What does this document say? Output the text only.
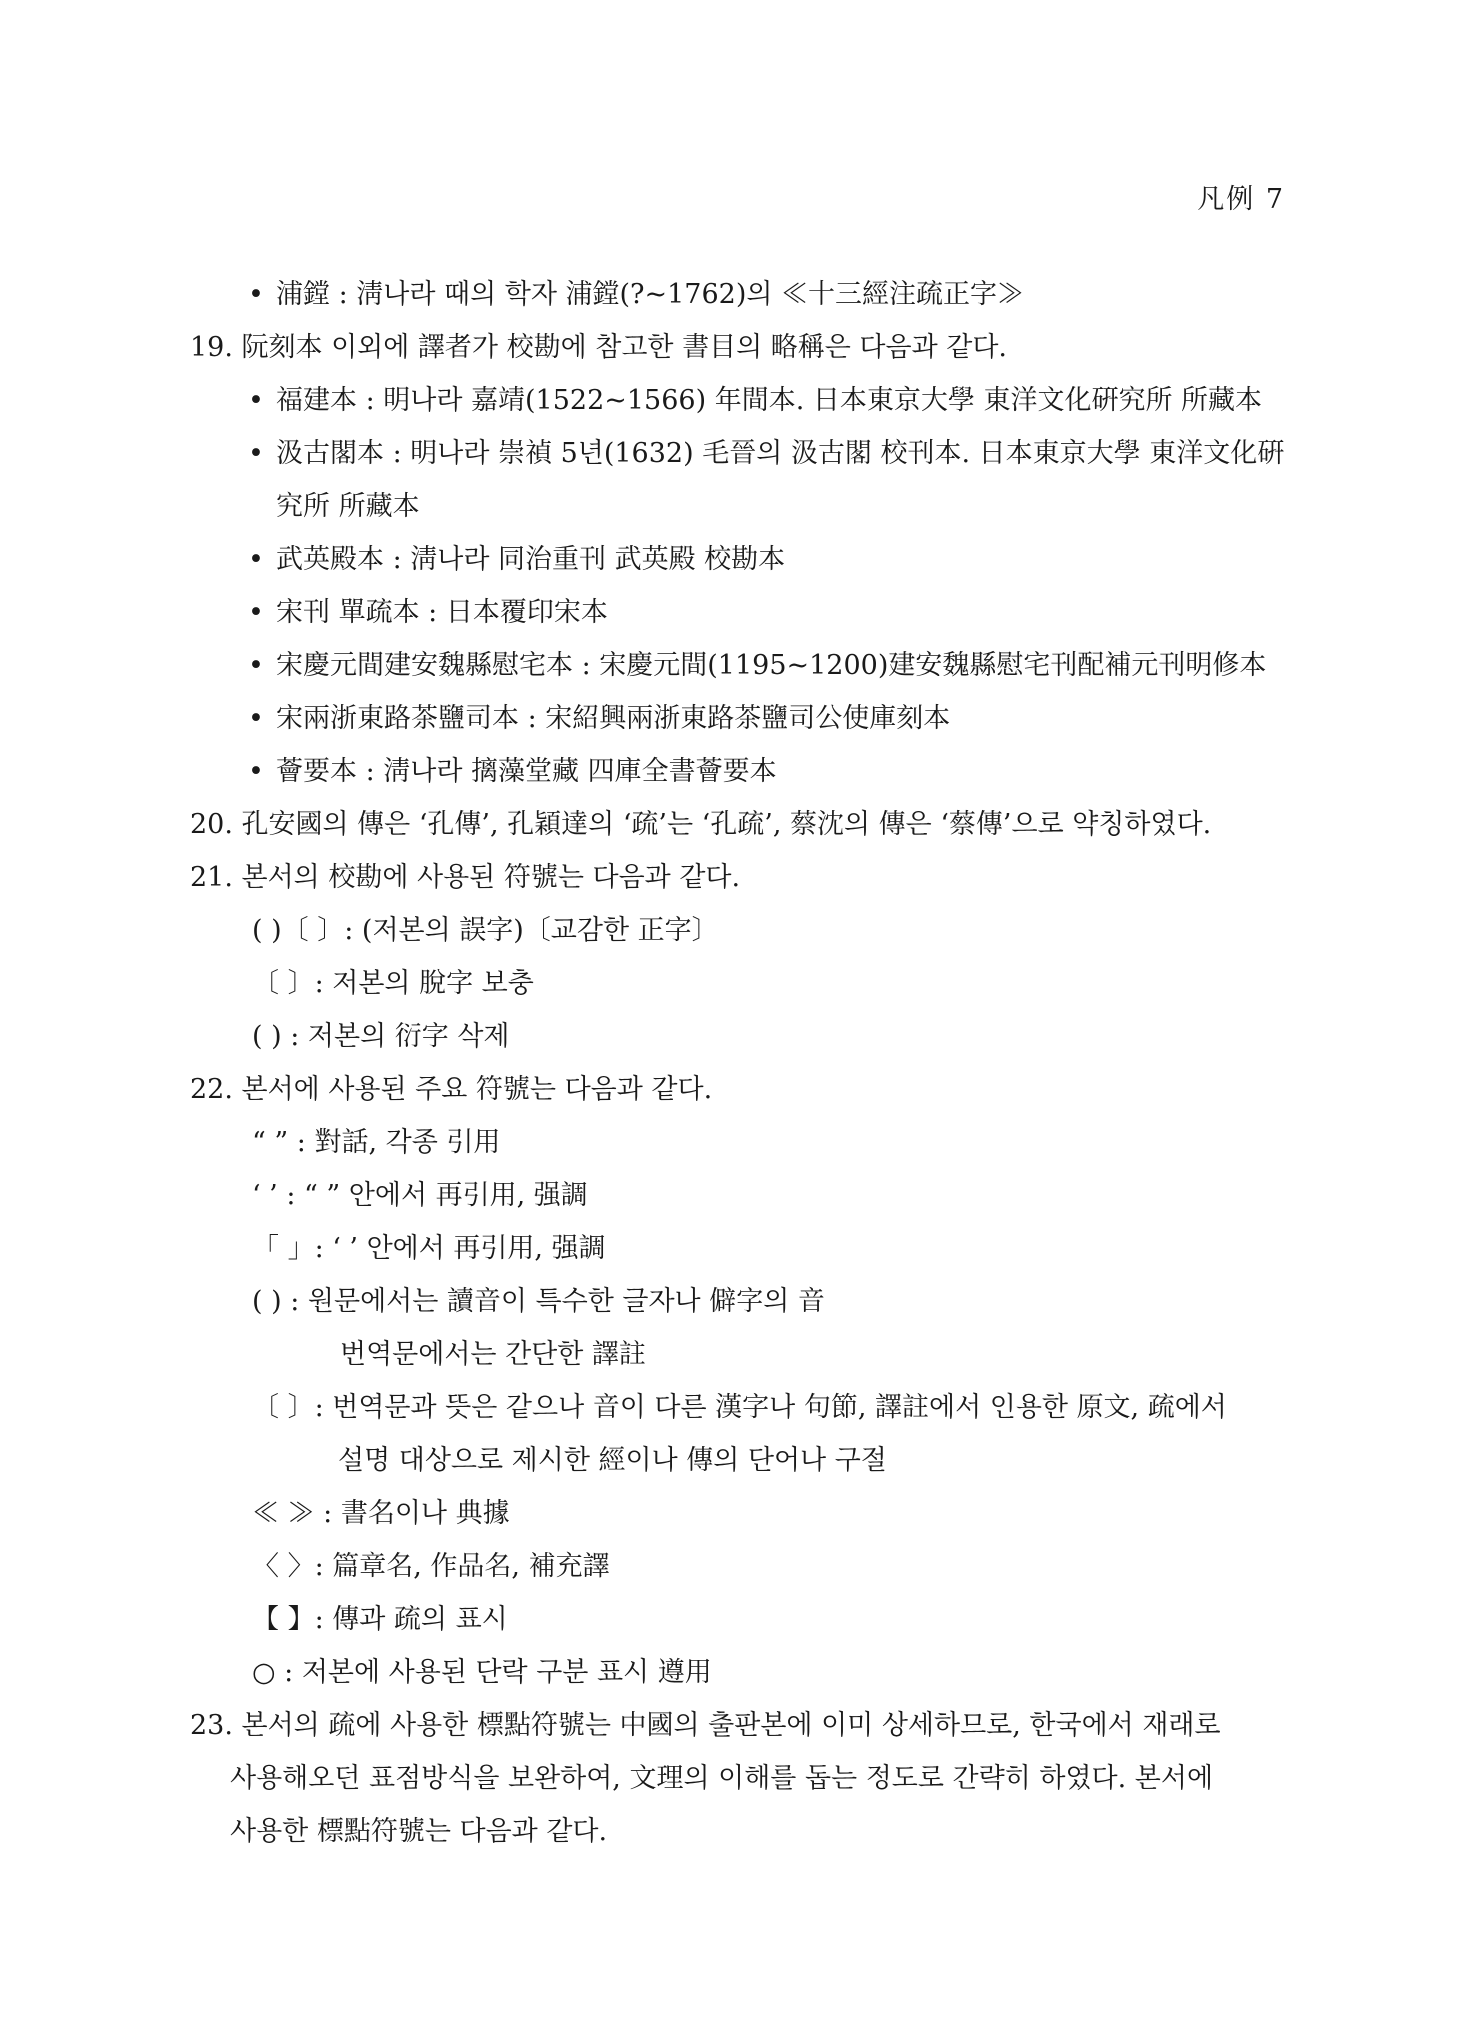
凡例 7
• 浦鏜 : 淸나라 때의 학자 浦鏜(?~1762)의 ≪十三經注疏正字≫
19. 阮刻本 이외에 譯者가 校勘에 참고한 書目의 略稱은 다음과 같다.
• 福建本 : 明나라 嘉靖(1522~1566) 年間本. 日本東京大學 東洋文化硏究所 所藏本
• 汲古閣本 : 明나라 崇禎 5년(1632) 毛晉의 汲古閣 校刊本. 日本東京大學 東洋文化硏
究所 所藏本
• 武英殿本 : 淸나라 同治重刊 武英殿 校勘本
• 宋刊 單疏本 : 日本覆印宋本
• 宋慶元間建安魏縣慰宅本 : 宋慶元間(1195~1200)建安魏縣慰宅刊配補元刊明修本
• 宋兩浙東路茶鹽司本 : 宋紹興兩浙東路茶鹽司公使庫刻本
• 薈要本 : 淸나라 摛藻堂藏 四庫全書薈要本
20. 孔安國의 傳은 ‘孔傳’, 孔穎達의 ‘疏’는 ‘孔疏’, 蔡沈의 傳은 ‘蔡傳’으로 약칭하였다.
21. 본서의 校勘에 사용된 符號는 다음과 같다.
( )〔 〕: (저본의 誤字)〔교감한 正字〕
〔 〕: 저본의 脫字 보충
( ) : 저본의 衍字 삭제
22. 본서에 사용된 주요 符號는 다음과 같다.
“ ” : 對話, 각종 引用
‘ ’ : “ ” 안에서 再引用, 强調
「 」: ‘ ’ 안에서 再引用, 强調
( ) : 원문에서는 讀音이 특수한 글자나 僻字의 音
번역문에서는 간단한 譯註
〔 〕: 번역문과 뜻은 같으나 音이 다른 漢字나 句節, 譯註에서 인용한 原文, 疏에서
설명 대상으로 제시한 經이나 傳의 단어나 구절
≪ ≫ : 書名이나 典據
〈 〉: 篇章名, 作品名, 補充譯
【 】: 傳과 疏의 표시
○ : 저본에 사용된 단락 구분 표시 遵用
23. 본서의 疏에 사용한 標點符號는 中國의 출판본에 이미 상세하므로, 한국에서 재래로
사용해오던 표점방식을 보완하여, 文理의 이해를 돕는 정도로 간략히 하였다. 본서에
사용한 標點符號는 다음과 같다.
